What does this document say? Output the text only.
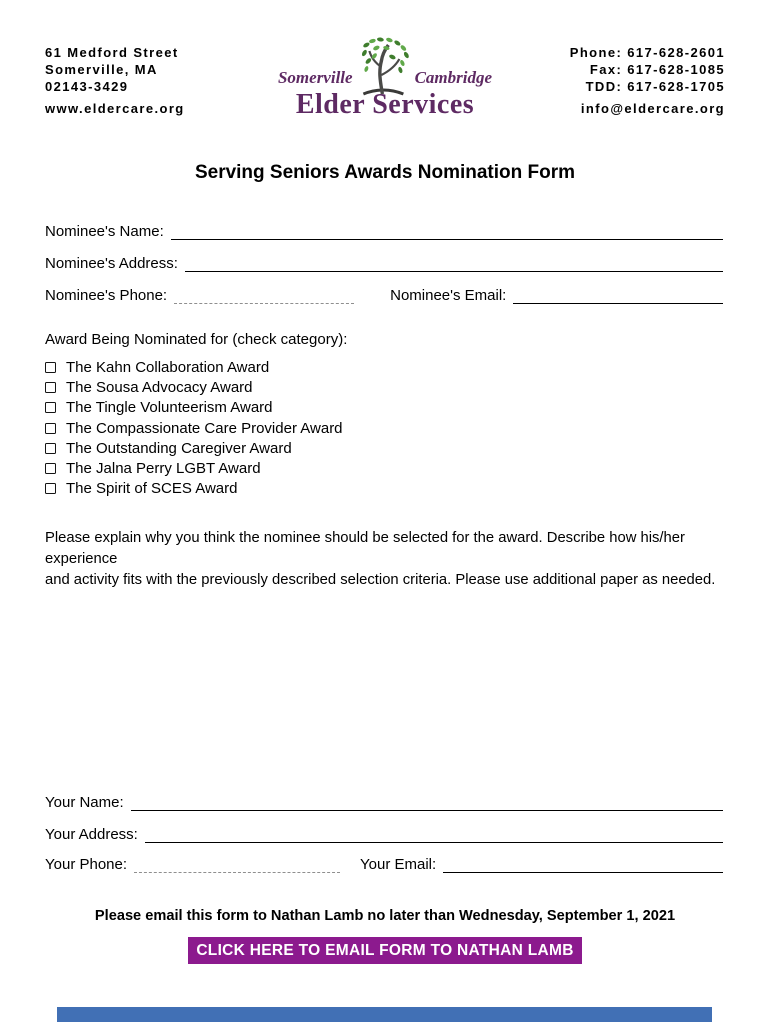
61 Medford Street
Somerville, MA
02143-3429
www.eldercare.org
Phone: 617-628-2601
Fax: 617-628-1085
TDD: 617-628-1705
info@eldercare.org
Somerville	Cambridge
Elder Services
Serving Seniors Awards Nomination Form
Nominee's Name:
Nominee's Address:
Nominee's Phone:	Nominee's Email:
Award Being Nominated for (check category):
The Kahn Collaboration Award
The Sousa Advocacy Award
The Tingle Volunteerism Award
The Compassionate Care Provider Award
The Outstanding Caregiver Award
The Jalna Perry LGBT Award
The Spirit of SCES Award
Please explain why you think the nominee should be selected for the award. Describe how his/her experience
and activity fits with the previously described selection criteria. Please use additional paper as needed.
Your Name:
Your Address:
Your Phone:	Your Email:
Please email this form to Nathan Lamb no later than Wednesday, September 1, 2021
CLICK HERE TO EMAIL FORM TO NATHAN LAMB
